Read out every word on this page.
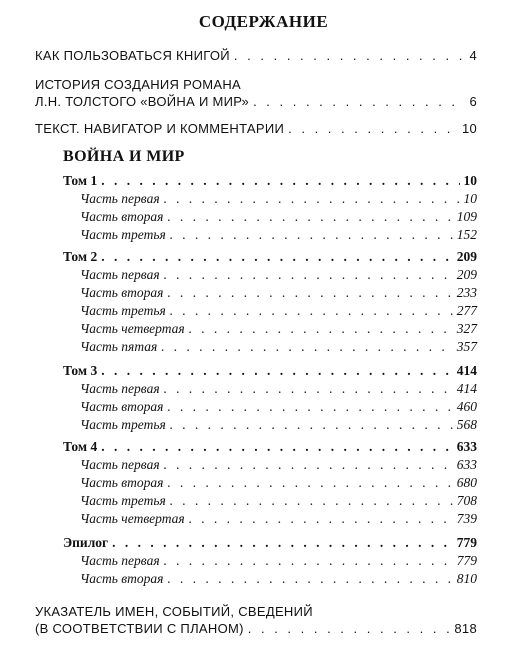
СОДЕРЖАНИЕ
КАК ПОЛЬЗОВАТЬСЯ КНИГОЙ . . .	4
ИСТОРИЯ СОЗДАНИЯ РОМАНА
Л.Н. ТОЛСТОГО «ВОЙНА И МИР» . . .	6
ТЕКСТ. НАВИГАТОР И КОММЕНТАРИИ . . .	10
ВОЙНА И МИР
Том 1 . . .	10
Часть первая . . .	10
Часть вторая . . .	109
Часть третья . . .	152
Том 2 . . .	209
Часть первая . . .	209
Часть вторая . . .	233
Часть третья . . .	277
Часть четвертая . . .	327
Часть пятая . . .	357
Том 3 . . .	414
Часть первая . . .	414
Часть вторая . . .	460
Часть третья . . .	568
Том 4 . . .	633
Часть первая . . .	633
Часть вторая . . .	680
Часть третья . . .	708
Часть четвертая . . .	739
Эпилог . . .	779
Часть первая . . .	779
Часть вторая . . .	810
УКАЗАТЕЛЬ ИМЕН, СОБЫТИЙ, СВЕДЕНИЙ
(В СООТВЕТСТВИИ С ПЛАНОМ) . . .	818
